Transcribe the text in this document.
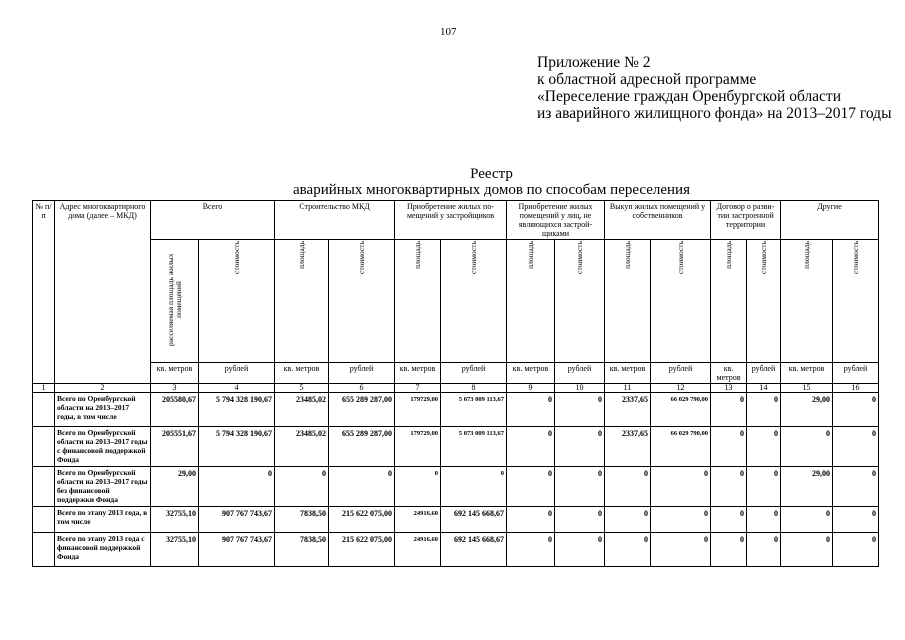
107
Приложение № 2
к областной адресной программе
«Переселение граждан Оренбургской области
из аварийного жилищного фонда» на 2013–2017 годы
Реестр
аварийных многоквартирных домов по способам переселения
№ п/п	Адрес многоквартирного дома (далее – МКД)	Всего		Строительство МКД		Приобретение жилых помещений у застройщиков		Приобретение жилых помещений у лиц, не являющихся застройщиками		Выкуп жилых помещений у собственников		Договор о развитии застроенной территории		Другие	
		расселяемая площадь жилых помещений	стоимость	площадь	стоимость	площадь	стоимость	площадь	стоимость	площадь	стоимость	площадь	стоимость	площадь	стоимость
		кв. метров	рублей	кв. метров	рублей	кв. метров	рублей	кв. метров	рублей	кв. метров	рублей	кв. метров	рублей	кв. метров	рублей
1	2	3	4	5	6	7	8	9	10	11	12	13	14	15	16
	Всего по Оренбургской области на 2013–2017 годы, в том числе	205580,67	5 794 328 190,67	23485,02	655 289 287,00	179729,00	5 073 009 113,67	0	0	2337,65	66 029 790,00	0	0	29,00	0
	Всего по Оренбургской области на 2013–2017 годы с финансовой поддержкой Фонда	205551,67	5 794 328 190,67	23485,02	655 289 287,00	179729,00	5 073 009 113,67	0	0	2337,65	66 029 790,00	0	0	0	0
	Всего по Оренбургской области на 2013–2017 годы без финансовой поддержки Фонда	29,00	0	0	0	0	0	0	0	0	0	0	0	29,00	0
	Всего по этапу 2013 года, в том числе	32755,10	907 767 743,67	7838,50	215 622 075,00	24916,60	692 145 668,67	0	0	0	0	0	0	0	0
	Всего по этапу 2013 года с финансовой поддержкой Фонда	32755,10	907 767 743,67	7838,50	215 622 075,00	24916,60	692 145 668,67	0	0	0	0	0	0	0	0
